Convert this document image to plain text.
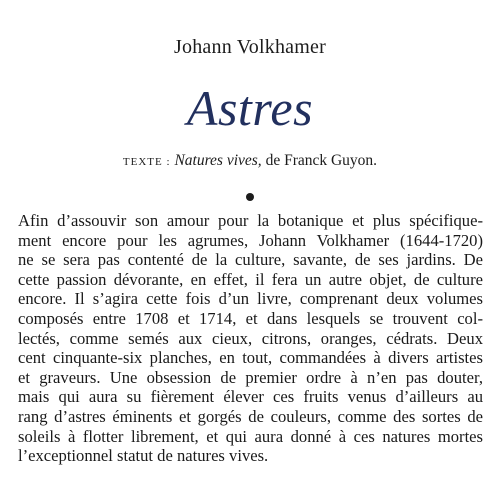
Johann Volkhamer
Astres
TEXTE : Natures vives, de Franck Guyon.
Afin d’assouvir son amour pour la botanique et plus spécifique-
ment encore pour les agrumes, Johann Volkhamer (1644-1720)
ne se sera pas contenté de la culture, savante, de ses jardins. De
cette passion dévorante, en effet, il fera un autre objet, de culture
encore. Il s’agira cette fois d’un livre, comprenant deux volumes
composés entre 1708 et 1714, et dans lesquels se trouvent col-
lectés, comme semés aux cieux, citrons, oranges, cédrats. Deux
cent cinquante-six planches, en tout, commandées à divers artistes
et graveurs. Une obsession de premier ordre à n’en pas douter,
mais qui aura su fièrement élever ces fruits venus d’ailleurs au
rang d’astres éminents et gorgés de couleurs, comme des sortes de
soleils à flotter librement, et qui aura donné à ces natures mortes
l’exceptionnel statut de natures vives.
